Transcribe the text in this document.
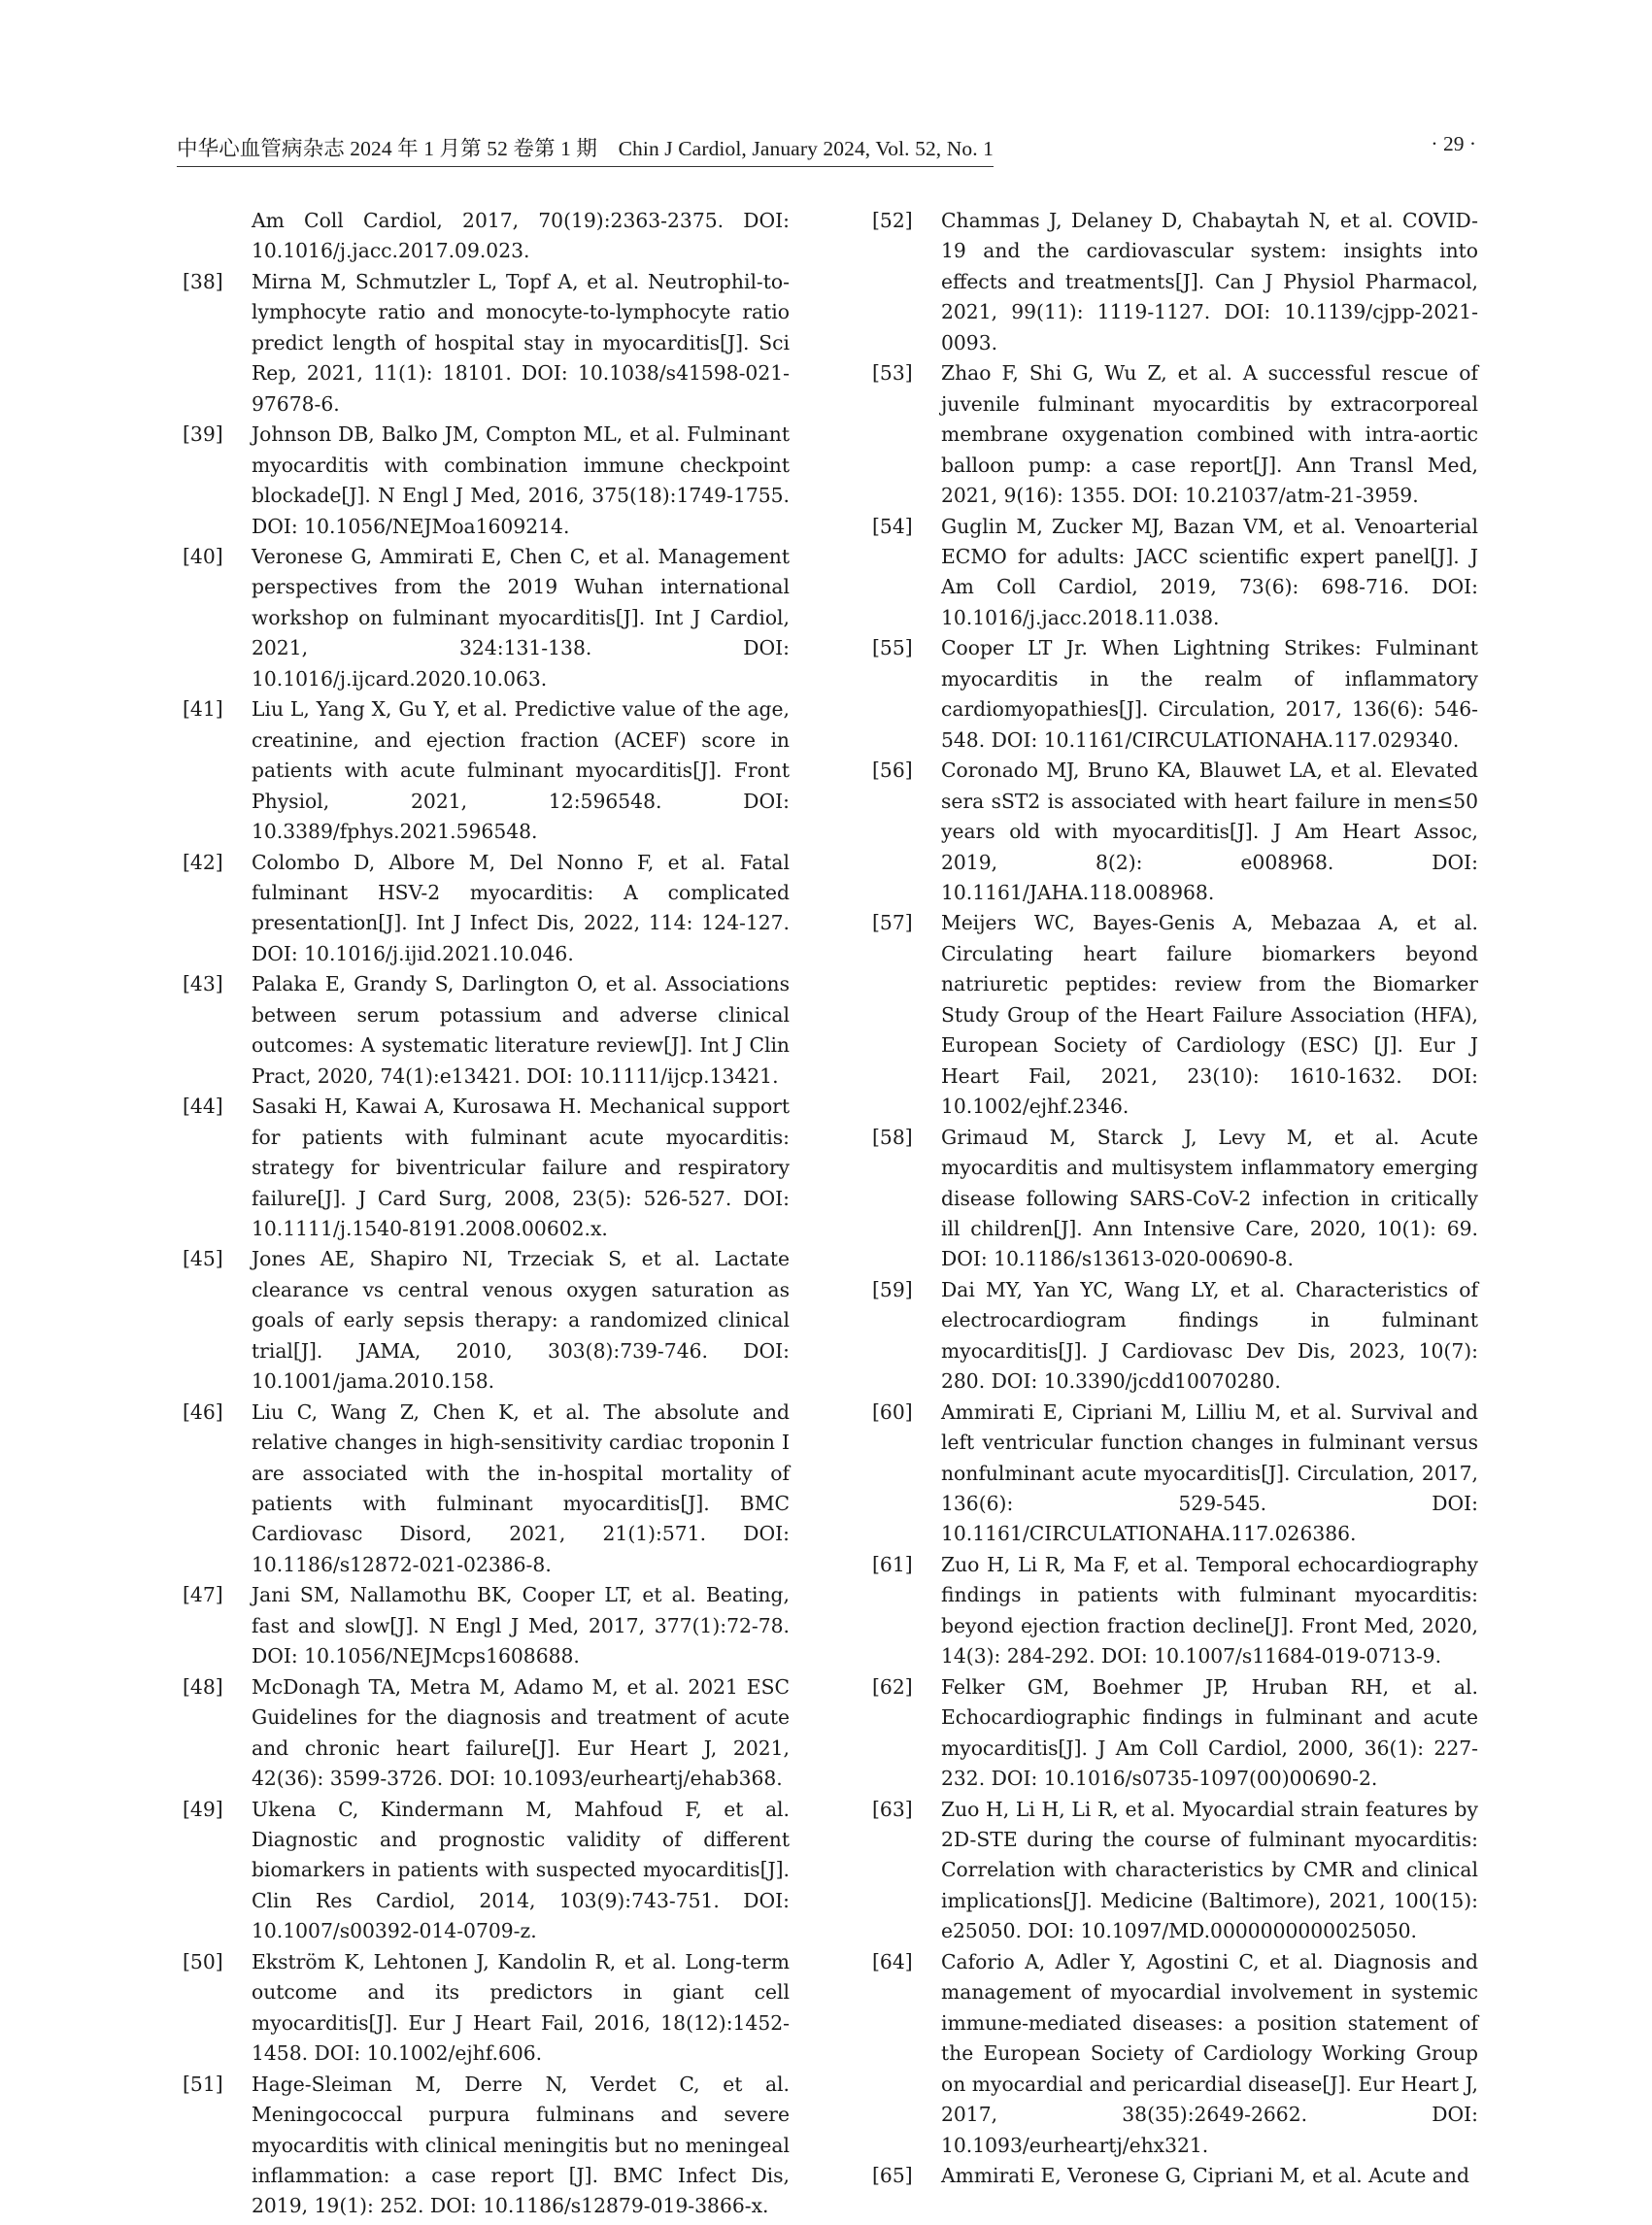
中华心血管病杂志 2024 年 1 月第 52 卷第 1 期　Chin J Cardiol, January 2024, Vol. 52, No. 1	· 29 ·
Am Coll Cardiol, 2017, 70(19):2363-2375. DOI: 10.1016/j.jacc.2017.09.023.
[38]	Mirna M, Schmutzler L, Topf A, et al. Neutrophil-to-lymphocyte ratio and monocyte-to-lymphocyte ratio predict length of hospital stay in myocarditis[J]. Sci Rep, 2021, 11(1): 18101. DOI: 10.1038/s41598-021-97678-6.
[39]	Johnson DB, Balko JM, Compton ML, et al. Fulminant myocarditis with combination immune checkpoint blockade[J]. N Engl J Med, 2016, 375(18):1749-1755. DOI: 10.1056/NEJMoa1609214.
[40]	Veronese G, Ammirati E, Chen C, et al. Management perspectives from the 2019 Wuhan international workshop on fulminant myocarditis[J]. Int J Cardiol, 2021, 324:131-138. DOI: 10.1016/j.ijcard.2020.10.063.
[41]	Liu L, Yang X, Gu Y, et al. Predictive value of the age, creatinine, and ejection fraction (ACEF) score in patients with acute fulminant myocarditis[J]. Front Physiol, 2021, 12:596548. DOI: 10.3389/fphys.2021.596548.
[42]	Colombo D, Albore M, Del Nonno F, et al. Fatal fulminant HSV-2 myocarditis: A complicated presentation[J]. Int J Infect Dis, 2022, 114: 124-127. DOI: 10.1016/j.ijid.2021.10.046.
[43]	Palaka E, Grandy S, Darlington O, et al. Associations between serum potassium and adverse clinical outcomes: A systematic literature review[J]. Int J Clin Pract, 2020, 74(1):e13421. DOI: 10.1111/ijcp.13421.
[44]	Sasaki H, Kawai A, Kurosawa H. Mechanical support for patients with fulminant acute myocarditis: strategy for biventricular failure and respiratory failure[J]. J Card Surg, 2008, 23(5): 526-527. DOI: 10.1111/j.1540-8191.2008.00602.x.
[45]	Jones AE, Shapiro NI, Trzeciak S, et al. Lactate clearance vs central venous oxygen saturation as goals of early sepsis therapy: a randomized clinical trial[J]. JAMA, 2010, 303(8):739-746. DOI: 10.1001/jama.2010.158.
[46]	Liu C, Wang Z, Chen K, et al. The absolute and relative changes in high-sensitivity cardiac troponin Ⅰ are associated with the in-hospital mortality of patients with fulminant myocarditis[J]. BMC Cardiovasc Disord, 2021, 21(1):571. DOI: 10.1186/s12872-021-02386-8.
[47]	Jani SM, Nallamothu BK, Cooper LT, et al. Beating, fast and slow[J]. N Engl J Med, 2017, 377(1):72-78. DOI: 10.1056/NEJMcps1608688.
[48]	McDonagh TA, Metra M, Adamo M, et al. 2021 ESC Guidelines for the diagnosis and treatment of acute and chronic heart failure[J]. Eur Heart J, 2021, 42(36): 3599-3726. DOI: 10.1093/eurheartj/ehab368.
[49]	Ukena C, Kindermann M, Mahfoud F, et al. Diagnostic and prognostic validity of different biomarkers in patients with suspected myocarditis[J]. Clin Res Cardiol, 2014, 103(9):743-751. DOI: 10.1007/s00392-014-0709-z.
[50]	Ekström K, Lehtonen J, Kandolin R, et al. Long-term outcome and its predictors in giant cell myocarditis[J]. Eur J Heart Fail, 2016, 18(12):1452-1458. DOI: 10.1002/ejhf.606.
[51]	Hage-Sleiman M, Derre N, Verdet C, et al. Meningococcal purpura fulminans and severe myocarditis with clinical meningitis but no meningeal inflammation: a case report [J]. BMC Infect Dis, 2019, 19(1): 252. DOI: 10.1186/s12879-019-3866-x.
[52]	Chammas J, Delaney D, Chabaytah N, et al. COVID-19 and the cardiovascular system: insights into effects and treatments[J]. Can J Physiol Pharmacol, 2021, 99(11): 1119-1127. DOI: 10.1139/cjpp-2021-0093.
[53]	Zhao F, Shi G, Wu Z, et al. A successful rescue of juvenile fulminant myocarditis by extracorporeal membrane oxygenation combined with intra-aortic balloon pump: a case report[J]. Ann Transl Med, 2021, 9(16): 1355. DOI: 10.21037/atm-21-3959.
[54]	Guglin M, Zucker MJ, Bazan VM, et al. Venoarterial ECMO for adults: JACC scientific expert panel[J]. J Am Coll Cardiol, 2019, 73(6): 698-716. DOI: 10.1016/j.jacc.2018.11.038.
[55]	Cooper LT Jr. When Lightning Strikes: Fulminant myocarditis in the realm of inflammatory cardiomyopathies[J]. Circulation, 2017, 136(6): 546-548. DOI: 10.1161/CIRCULATIONAHA.117.029340.
[56]	Coronado MJ, Bruno KA, Blauwet LA, et al. Elevated sera sST2 is associated with heart failure in men≤50 years old with myocarditis[J]. J Am Heart Assoc, 2019, 8(2): e008968. DOI: 10.1161/JAHA.118.008968.
[57]	Meijers WC, Bayes-Genis A, Mebazaa A, et al. Circulating heart failure biomarkers beyond natriuretic peptides: review from the Biomarker Study Group of the Heart Failure Association (HFA), European Society of Cardiology (ESC) [J]. Eur J Heart Fail, 2021, 23(10): 1610-1632. DOI: 10.1002/ejhf.2346.
[58]	Grimaud M, Starck J, Levy M, et al. Acute myocarditis and multisystem inflammatory emerging disease following SARS-CoV-2 infection in critically ill children[J]. Ann Intensive Care, 2020, 10(1): 69. DOI: 10.1186/s13613-020-00690-8.
[59]	Dai MY, Yan YC, Wang LY, et al. Characteristics of electrocardiogram findings in fulminant myocarditis[J]. J Cardiovasc Dev Dis, 2023, 10(7): 280. DOI: 10.3390/jcdd10070280.
[60]	Ammirati E, Cipriani M, Lilliu M, et al. Survival and left ventricular function changes in fulminant versus nonfulminant acute myocarditis[J]. Circulation, 2017, 136(6): 529-545. DOI: 10.1161/CIRCULATIONAHA.117.026386.
[61]	Zuo H, Li R, Ma F, et al. Temporal echocardiography findings in patients with fulminant myocarditis: beyond ejection fraction decline[J]. Front Med, 2020, 14(3): 284-292. DOI: 10.1007/s11684-019-0713-9.
[62]	Felker GM, Boehmer JP, Hruban RH, et al. Echocardiographic findings in fulminant and acute myocarditis[J]. J Am Coll Cardiol, 2000, 36(1): 227-232. DOI: 10.1016/s0735-1097(00)00690-2.
[63]	Zuo H, Li H, Li R, et al. Myocardial strain features by 2D-STE during the course of fulminant myocarditis: Correlation with characteristics by CMR and clinical implications[J]. Medicine (Baltimore), 2021, 100(15): e25050. DOI: 10.1097/MD.0000000000025050.
[64]	Caforio A, Adler Y, Agostini C, et al. Diagnosis and management of myocardial involvement in systemic immune-mediated diseases: a position statement of the European Society of Cardiology Working Group on myocardial and pericardial disease[J]. Eur Heart J, 2017, 38(35):2649-2662. DOI: 10.1093/eurheartj/ehx321.
[65]	Ammirati E, Veronese G, Cipriani M, et al. Acute and
